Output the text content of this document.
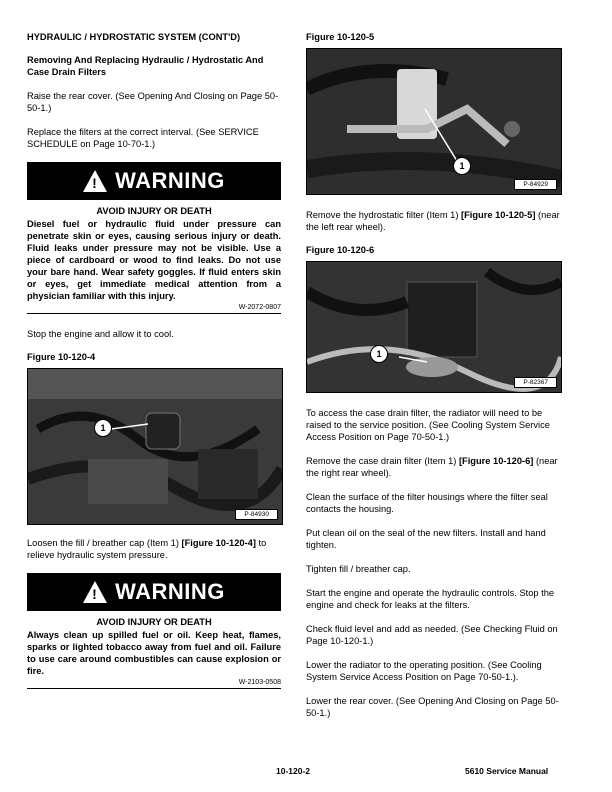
HYDRAULIC / HYDROSTATIC SYSTEM (CONT'D)
Removing And Replacing Hydraulic / Hydrostatic And Case Drain Filters

Raise the rear cover. (See Opening And Closing on Page 50-50-1.)

Replace the filters at the correct interval. (See SERVICE SCHEDULE on Page 10-70-1.)

! WARNING
AVOID INJURY OR DEATH

Diesel fuel or hydraulic fluid under pressure can penetrate skin or eyes, causing serious injury or death. Fluid leaks under pressure may not be visible. Use a piece of cardboard or wood to find leaks. Do not use your bare hand. Wear safety goggles. If fluid enters skin or eyes, get immediate medical attention from a physician familiar with this injury.

W-2072-0807

Stop the engine and allow it to cool.

Figure 10-120-4
1
P-84930

Loosen the fill / breather cap (Item 1) [Figure 10-120-4] to relieve hydraulic system pressure.

! WARNING
AVOID INJURY OR DEATH

Always clean up spilled fuel or oil. Keep heat, flames, sparks or lighted tobacco away from fuel and oil. Failure to use care around combustibles can cause explosion or fire.

W-2103-0508
Figure 10-120-5
1
P-84929

Remove the hydrostatic filter (Item 1) [Figure 10-120-5] (near the left rear wheel).

Figure 10-120-6
1
P-82367

To access the case drain filter, the radiator will need to be raised to the service position. (See Cooling System Service Access Position on Page 70-50-1.)

Remove the case drain filter (Item 1) [Figure 10-120-6] (near the right rear wheel).

Clean the surface of the filter housings where the filter seal contacts the housing.

Put clean oil on the seal of the new filters. Install and hand tighten.

Tighten fill / breather cap.

Start the engine and operate the hydraulic controls. Stop the engine and check for leaks at the filters.

Check fluid level and add as needed. (See Checking Fluid on Page 10-120-1.)

Lower the radiator to the operating position. (See Cooling System Service Access Position on Page 70-50-1.).

Lower the rear cover. (See Opening And Closing on Page 50-50-1.)

10-120-2	5610 Service Manual
